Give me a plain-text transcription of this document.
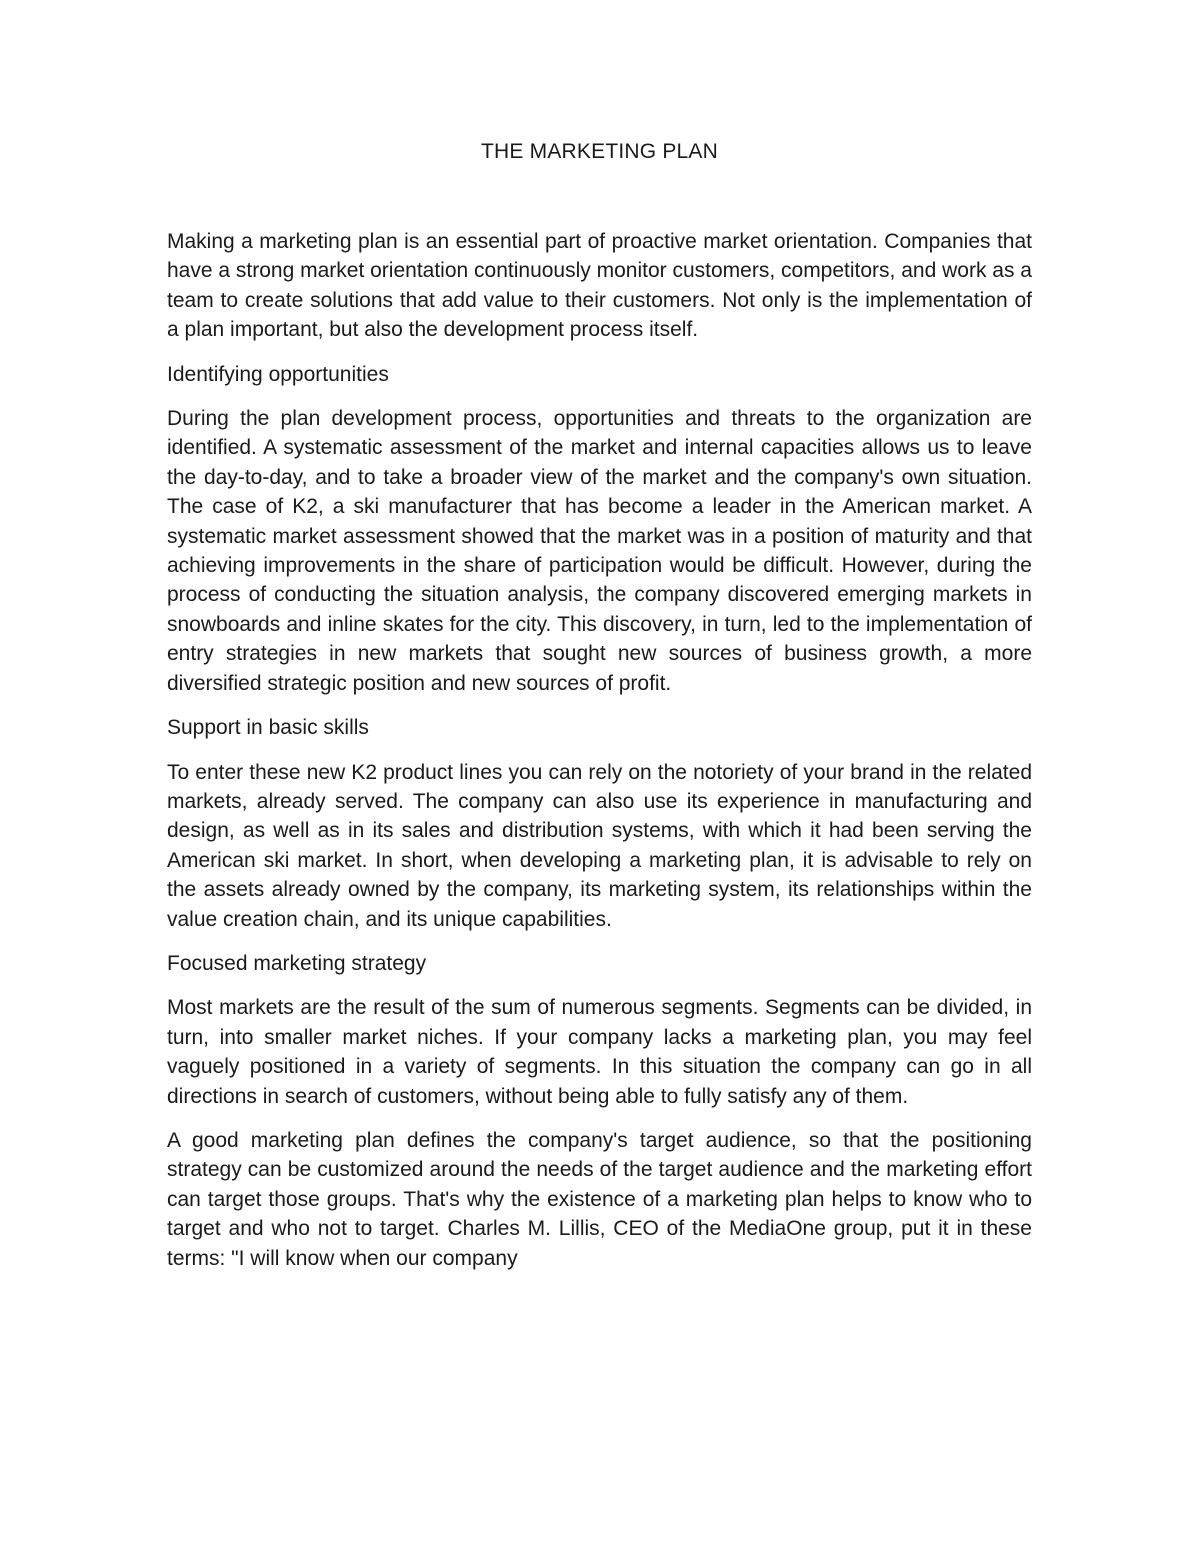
THE MARKETING PLAN

Making a marketing plan is an essential part of proactive market orientation. Companies that have a strong market orientation continuously monitor customers, competitors, and work as a team to create solutions that add value to their customers. Not only is the implementation of a plan important, but also the development process itself.

Identifying opportunities

During the plan development process, opportunities and threats to the organization are identified. A systematic assessment of the market and internal capacities allows us to leave the day-to-day, and to take a broader view of the market and the company's own situation. The case of K2, a ski manufacturer that has become a leader in the American market. A systematic market assessment showed that the market was in a position of maturity and that achieving improvements in the share of participation would be difficult. However, during the process of conducting the situation analysis, the company discovered emerging markets in snowboards and inline skates for the city. This discovery, in turn, led to the implementation of entry strategies in new markets that sought new sources of business growth, a more diversified strategic position and new sources of profit.

Support in basic skills

To enter these new K2 product lines you can rely on the notoriety of your brand in the related markets, already served. The company can also use its experience in manufacturing and design, as well as in its sales and distribution systems, with which it had been serving the American ski market. In short, when developing a marketing plan, it is advisable to rely on the assets already owned by the company, its marketing system, its relationships within the value creation chain, and its unique capabilities.

Focused marketing strategy

Most markets are the result of the sum of numerous segments. Segments can be divided, in turn, into smaller market niches. If your company lacks a marketing plan, you may feel vaguely positioned in a variety of segments. In this situation the company can go in all directions in search of customers, without being able to fully satisfy any of them.

A good marketing plan defines the company's target audience, so that the positioning strategy can be customized around the needs of the target audience and the marketing effort can target those groups. That's why the existence of a marketing plan helps to know who to target and who not to target. Charles M. Lillis, CEO of the MediaOne group, put it in these terms: "I will know when our company
